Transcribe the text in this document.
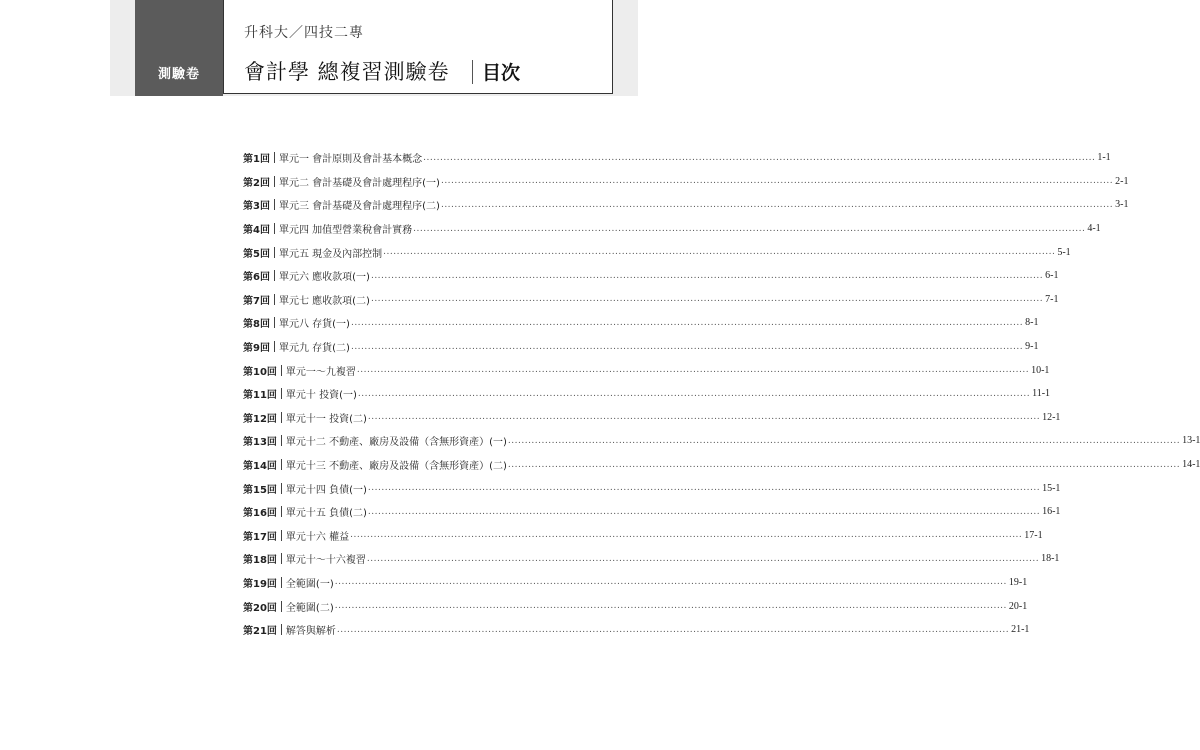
測驗卷
升科大／四技二專
會計學 總複習測驗卷 目次
第1回 單元一 會計原則及會計基本概念 ........................................................................................................................................................................................................ 1-1
第2回 單元二 會計基礎及會計處理程序(一) ........................................................................................................................................................................................................ 2-1
第3回 單元三 會計基礎及會計處理程序(二) ........................................................................................................................................................................................................ 3-1
第4回 單元四 加值型營業稅會計實務 ........................................................................................................................................................................................................ 4-1
第5回 單元五 現金及內部控制 ........................................................................................................................................................................................................ 5-1
第6回 單元六 應收款項(一) ........................................................................................................................................................................................................ 6-1
第7回 單元七 應收款項(二) ........................................................................................................................................................................................................ 7-1
第8回 單元八 存貨(一) ........................................................................................................................................................................................................ 8-1
第9回 單元九 存貨(二) ........................................................................................................................................................................................................ 9-1
第10回 單元一～九複習 ........................................................................................................................................................................................................ 10-1
第11回 單元十 投資(一) ........................................................................................................................................................................................................ 11-1
第12回 單元十一 投資(二) ........................................................................................................................................................................................................ 12-1
第13回 單元十二 不動產、廠房及設備（含無形資產）(一) ........................................................................................................................................................................................................ 13-1
第14回 單元十三 不動產、廠房及設備（含無形資產）(二) ........................................................................................................................................................................................................ 14-1
第15回 單元十四 負債(一) ........................................................................................................................................................................................................ 15-1
第16回 單元十五 負債(二) ........................................................................................................................................................................................................ 16-1
第17回 單元十六 權益 ........................................................................................................................................................................................................ 17-1
第18回 單元十～十六複習 ........................................................................................................................................................................................................ 18-1
第19回 全範圍(一) ........................................................................................................................................................................................................ 19-1
第20回 全範圍(二) ........................................................................................................................................................................................................ 20-1
第21回 解答與解析 ........................................................................................................................................................................................................ 21-1
